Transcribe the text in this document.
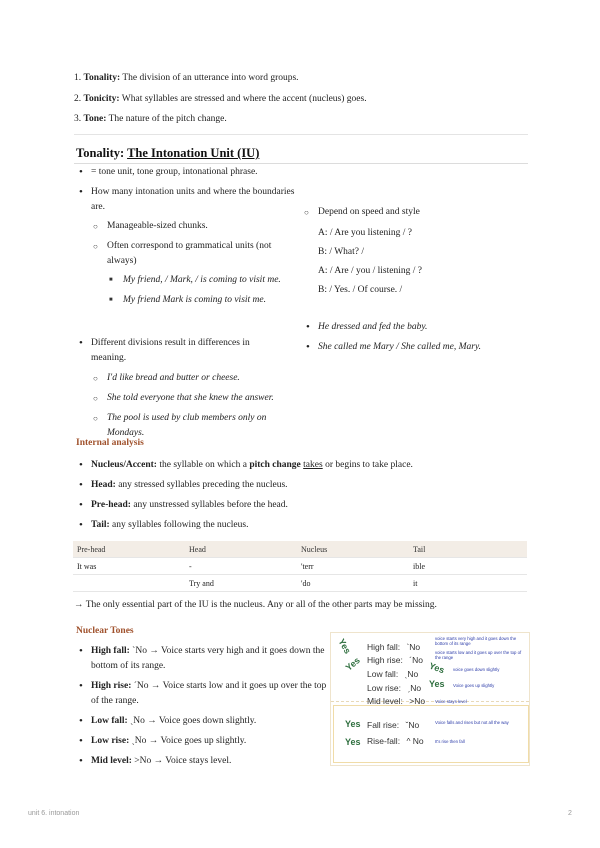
1. Tonality: The division of an utterance into word groups.
2. Tonicity: What syllables are stressed and where the accent (nucleus) goes.
3. Tone: The nature of the pitch change.
Tonality: The Intonation Unit (IU)
• = tone unit, tone group, intonational phrase.
• How many intonation units and where the boundaries are.
○ Manageable-sized chunks.
○ Often correspond to grammatical units (not always)
■ My friend, / Mark, / is coming to visit me.
■ My friend Mark is coming to visit me.
• Different divisions result in differences in meaning.
○ I'd like bread and butter or cheese.
○ She told everyone that she knew the answer.
○ The pool is used by club members only on Mondays.
○ Depend on speed and style
A: / Are you listening / ?
B: / What? /
A: / Are / you / listening / ?
B: / Yes. / Of course. /
• He dressed and fed the baby.
• She called me Mary / She called me, Mary.
Internal analysis
• Nucleus/Accent: the syllable on which a pitch change takes or begins to take place.
• Head: any stressed syllables preceding the nucleus.
• Pre-head: any unstressed syllables before the head.
• Tail: any syllables following the nucleus.
Pre-head	Head	Nucleus	Tail
It was	-	'terr	ible
	Try and	'do	it
→ The only essential part of the IU is the nucleus. Any or all of the other parts may be missing.
Nuclear Tones
• High fall: `No → Voice starts very high and it goes down the bottom of its range.
• High rise: ´No → Voice starts low and it goes up over the top of the range.
• Low fall: ˎNo → Voice goes down slightly.
• Low rise: ˏNo → Voice goes up slightly.
• Mid level: >No → Voice stays level.
Yes
Yes	Yes
Yes
Yes
Yes
High fall: `No
High rise: ´No
Low fall: ˎNo
Low rise: ˏNo
Mid level: >No
Fall rise: ˇNo
Rise-fall: ^ No
voice starts very high and it goes down the bottom of its range
voice starts low and it goes up over the top of the range
voice goes down slightly
Voice goes up slightly
Voice stays level
Voice falls and rises but not all the way
It's rise then fall
unit 6. intonation	2
